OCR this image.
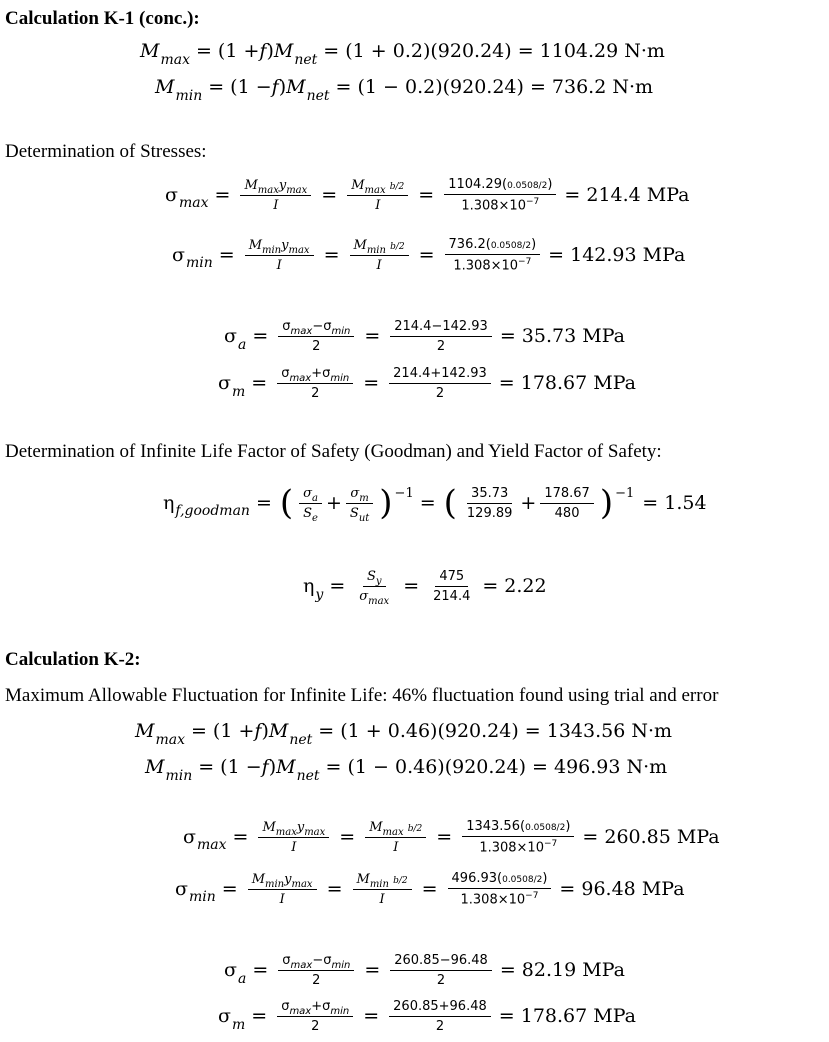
Calculation K-1 (conc.):
M max = (1 + f ) M net = (1 + 0.2)(920.24) = 1104.29 N·m
M min = (1 − f ) M net = (1 − 0.2)(920.24) = 736.2 N·m
Determination of Stresses:
σ $\max = \frac{M_{max}y_{max}}{I} = \frac{M_{max} b/2}{I} = \frac{1104.29(0.0508/2)}{1.308\times 10^{-7}} = 214.4$ MPa
σ $\min = \frac{M_{min}y_{max}}{I} = \frac{M_{min} b/2}{I} = \frac{736.2(0.0508/2)}{1.308\times 10^{-7}} = 142.93$ MPa
σ $a = \frac{\sigma_{max}-\sigma_{min}}{2} = \frac{214.4-142.93}{2} = 35.73$ MPa
σ $m = \frac{\sigma_{max}+\sigma_{min}}{2} = \frac{214.4+142.93}{2} = 178.67$ MPa
Determination of Infinite Life Factor of Safety (Goodman) and Yield Factor of Safety:
η f,goodman = ( $\frac{\sigma_a}{S_e} + \frac{\sigma_m}{S_{ut}}$ ) −1 = ( $\frac{35.73}{129.89} + \frac{178.67}{480}$ ) −1 = 1.54
η $y = \frac{S_y}{\sigma_{max}} = \frac{475}{214.4} = 2.22$
Calculation K-2:
Maximum Allowable Fluctuation for Infinite Life: 46% fluctuation found using trial and error
M max = (1 + f ) M net = (1 + 0.46)(920.24) = 1343.56 N·m
M min = (1 − f ) M net = (1 − 0.46)(920.24) = 496.93 N·m
σ $\max = \frac{M_{max}y_{max}}{I} = \frac{M_{max} b/2}{I} = \frac{1343.56(0.0508/2)}{1.308\times 10^{-7}} = 260.85$ MPa
σ $\min = \frac{M_{min}y_{max}}{I} = \frac{M_{min} b/2}{I} = \frac{496.93(0.0508/2)}{1.308\times 10^{-7}} = 96.48$ MPa
σ $a = \frac{\sigma_{max}-\sigma_{min}}{2} = \frac{260.85-96.48}{2} = 82.19$ MPa
σ $m = \frac{\sigma_{max}+\sigma_{min}}{2} = \frac{260.85+96.48}{2} = 178.67$ MPa
